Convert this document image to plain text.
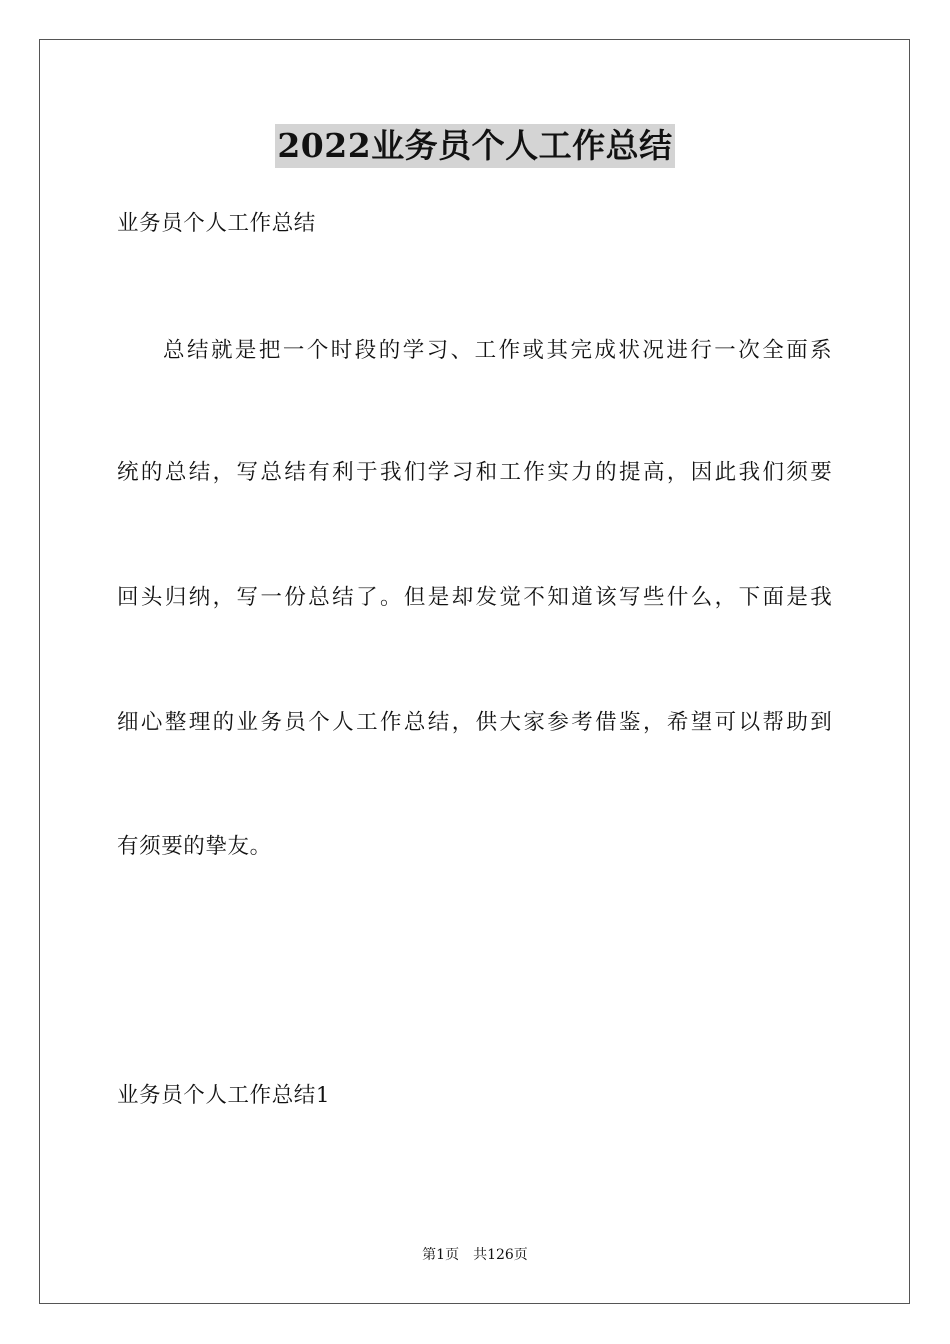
2022业务员个人工作总结
业务员个人工作总结
总 结 就 是 把 一 个 时 段 的 学 习 、 工 作 或 其 完 成 状 况 进 行 一 次 全 面 系
统 的 总 结 ， 写 总 结 有 利 于 我 们 学 习 和 工 作 实 力 的 提 高 ， 因 此 我 们 须 要
回 头 归 纳 ， 写 一 份 总 结 了 。 但 是 却 发 觉 不 知 道 该 写 些 什 么 ， 下 面 是 我
细 心 整 理 的 业 务 员 个 人 工 作 总 结 ， 供 大 家 参 考 借 鉴 ， 希 望 可 以 帮 助 到
有须要的挚友。
业务员个人工作总结1
第1页　共126页
